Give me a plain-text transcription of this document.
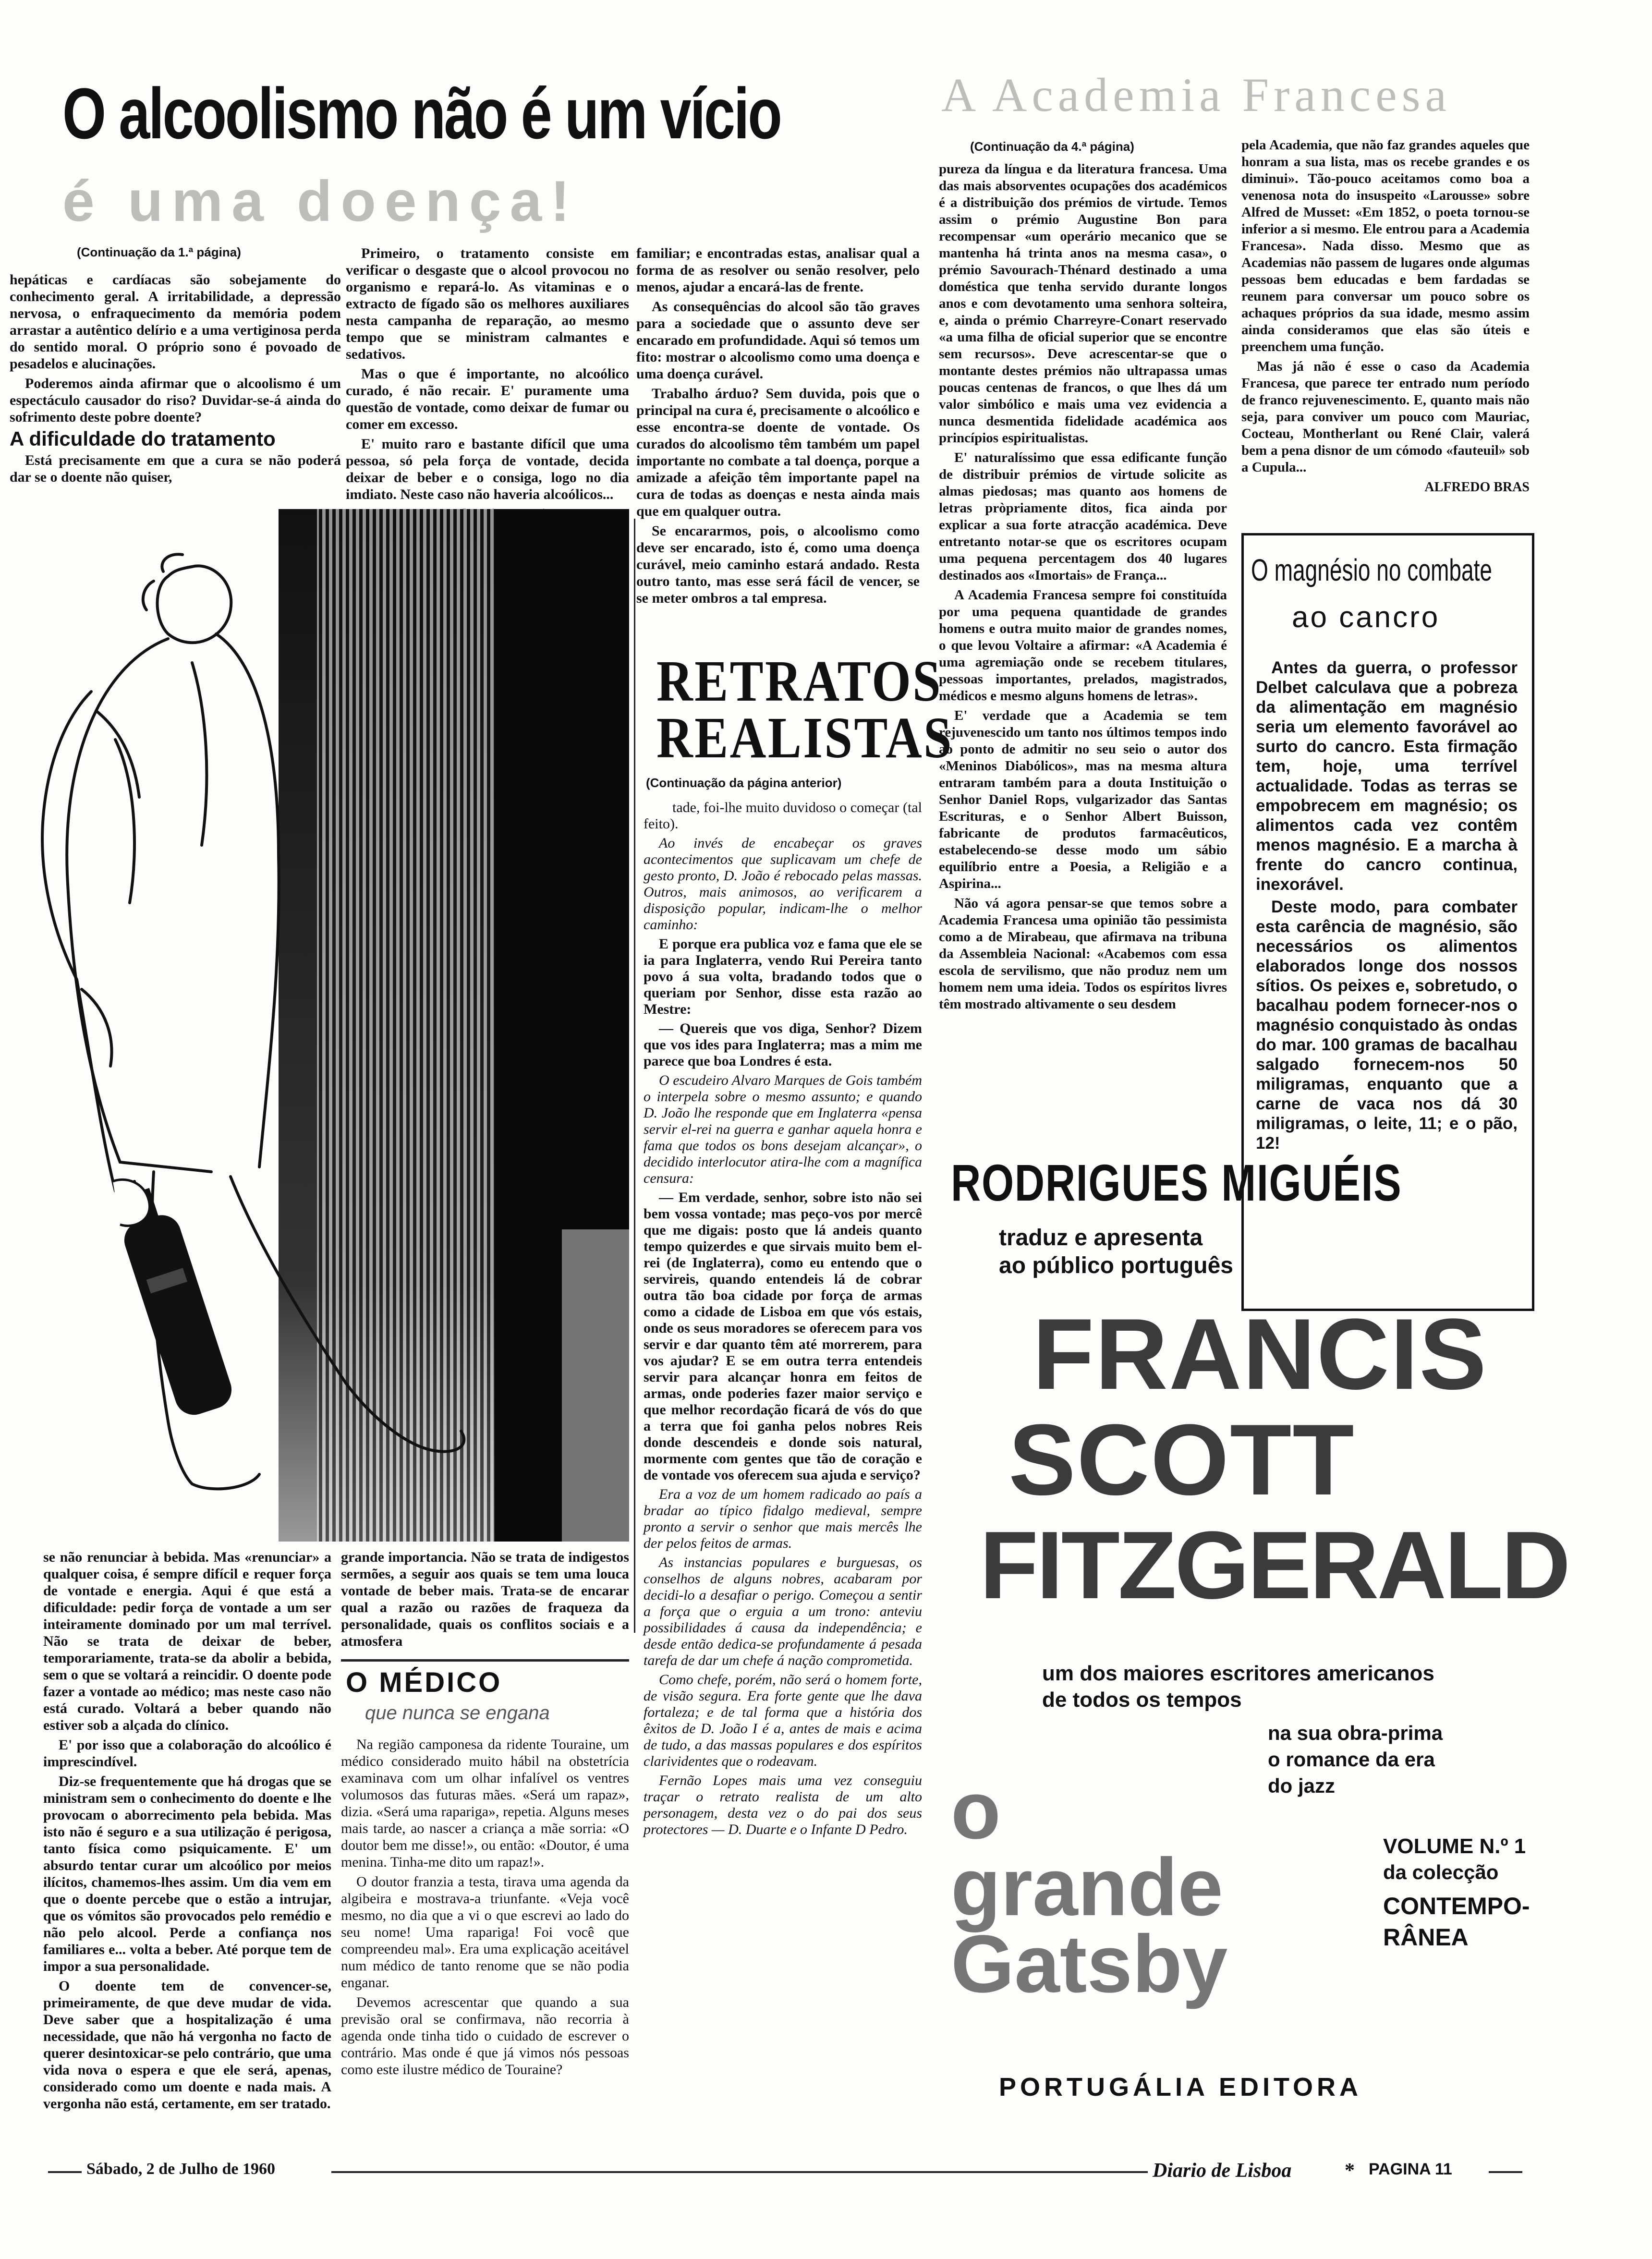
O alcoolismo não é um vício
é uma doença!
(Continuação da 1.ª página)

hepáticas e cardíacas são sobejamente do conhecimento geral. A irritabilidade, a depressão nervosa, o enfraquecimento da memória podem arrastar a autêntico delírio e a uma vertiginosa perda do sentido moral. O próprio sono é povoado de pesadelos e alucinações.

Poderemos ainda afirmar que o alcoolismo é um espectáculo causador do riso? Duvidar-se-á ainda do sofrimento deste pobre doente?

A dificuldade do tratamento

Está precisamente em que a cura se não poderá dar se o doente não quiser,

Primeiro, o tratamento consiste em verificar o desgaste que o alcool provocou no organismo e repará-lo. As vitaminas e o extracto de fígado são os melhores auxiliares nesta campanha de reparação, ao mesmo tempo que se ministram calmantes e sedativos.

Mas o que é importante, no alcoólico curado, é não recair. E' puramente uma questão de vontade, como deixar de fumar ou comer em excesso.

E' muito raro e bastante difícil que uma pessoa, só pela força de vontade, decida deixar de beber e o consiga, logo no dia imdiato. Neste caso não haveria alcoólicos...

familiar; e encontradas estas, analisar qual a forma de as resolver ou senão resolver, pelo menos, ajudar a encará-las de frente.

As consequências do alcool são tão graves para a sociedade que o assunto deve ser encarado em profundidade. Aqui só temos um fito: mostrar o alcoolismo como uma doença e uma doença curável.

Trabalho árduo? Sem duvida, pois que o principal na cura é, precisamente o alcoólico e esse encontra-se doente de vontade. Os curados do alcoolismo têm também um papel importante no combate a tal doença, porque a amizade a afeição têm importante papel na cura de todas as doenças e nesta ainda mais que em qualquer outra.

Se encararmos, pois, o alcoolismo como deve ser encarado, isto é, como uma doença curável, meio caminho estará andado. Resta outro tanto, mas esse será fácil de vencer, se se meter ombros a tal empresa.

se não renunciar à bebida. Mas «renunciar» a qualquer coisa, é sempre difícil e requer força de vontade e energia. Aqui é que está a dificuldade: pedir força de vontade a um ser inteiramente dominado por um mal terrível. Não se trata de deixar de beber, temporariamente, trata-se da abolir a bebida, sem o que se voltará a reincidir. O doente pode fazer a vontade ao médico; mas neste caso não está curado. Voltará a beber quando não estiver sob a alçada do clínico.

E' por isso que a colaboração do alcoólico é imprescindível.

Diz-se frequentemente que há drogas que se ministram sem o conhecimento do doente e lhe provocam o aborrecimento pela bebida. Mas isto não é seguro e a sua utilização é perigosa, tanto física como psiquicamente. E' um absurdo tentar curar um alcoólico por meios ilícitos, chamemos-lhes assim. Um dia vem em que o doente percebe que o estão a intrujar, que os vómitos são provocados pelo remédio e não pelo alcool. Perde a confiança nos familiares e... volta a beber. Até porque tem de impor a sua personalidade.

O doente tem de convencer-se, primeiramente, de que deve mudar de vida. Deve saber que a hospitalização é uma necessidade, que não há vergonha no facto de querer desintoxicar-se pelo contrário, que uma vida nova o espera e que ele será, apenas, considerado como um doente e nada mais. A vergonha não está, certamente, em ser tratado.

grande importancia. Não se trata de indigestos sermões, a seguir aos quais se tem uma louca vontade de beber mais. Trata-se de encarar qual a razão ou razões de fraqueza da personalidade, quais os conflitos sociais e a atmosfera

O MÉDICO
que nunca se engana

Na região camponesa da ridente Touraine, um médico considerado muito hábil na obstetrícia examinava com um olhar infalível os ventres volumosos das futuras mães. «Será um rapaz», dizia. «Será uma rapariga», repetia. Alguns meses mais tarde, ao nascer a criança a mãe sorria: «O doutor bem me disse!», ou então: «Doutor, é uma menina. Tinha-me dito um rapaz!».

O doutor franzia a testa, tirava uma agenda da algibeira e mostrava-a triunfante. «Veja você mesmo, no dia que a vi o que escrevi ao lado do seu nome! Uma rapariga! Foi você que compreendeu mal». Era uma explicação aceitável num médico de tanto renome que se não podia enganar.

Devemos acrescentar que quando a sua previsão oral se confirmava, não recorria à agenda onde tinha tido o cuidado de escrever o contrário. Mas onde é que já vimos nós pessoas como este ilustre médico de Touraine?

A Academia Francesa
(Continuação da 4.ª página)

pureza da língua e da literatura francesa. Uma das mais absorventes ocupações dos académicos é a distribuição dos prémios de virtude. Temos assim o prémio Augustine Bon para recompensar «um operário mecanico que se mantenha há trinta anos na mesma casa», o prémio Savourach-Thénard destinado a uma doméstica que tenha servido durante longos anos e com devotamento uma senhora solteira, e, ainda o prémio Charreyre-Conart reservado «a uma filha de oficial superior que se encontre sem recursos». Deve acrescentar-se que o montante destes prémios não ultrapassa umas poucas centenas de francos, o que lhes dá um valor simbólico e mais uma vez evidencia a nunca desmentida fidelidade académica aos princípios espiritualistas.

E' naturalíssimo que essa edificante função de distribuir prémios de virtude solicite as almas piedosas; mas quanto aos homens de letras pròpriamente ditos, fica ainda por explicar a sua forte atracção académica. Deve entretanto notar-se que os escritores ocupam uma pequena percentagem dos 40 lugares destinados aos «Imortais» de França...

A Academia Francesa sempre foi constituída por uma pequena quantidade de grandes homens e outra muito maior de grandes nomes, o que levou Voltaire a afirmar: «A Academia é uma agremiação onde se recebem titulares, pessoas importantes, prelados, magistrados, médicos e mesmo alguns homens de letras».

E' verdade que a Academia se tem rejuvenescido um tanto nos últimos tempos indo ao ponto de admitir no seu seio o autor dos «Meninos Diabólicos», mas na mesma altura entraram também para a douta Instituição o Senhor Daniel Rops, vulgarizador das Santas Escrituras, e o Senhor Albert Buisson, fabricante de produtos farmacêuticos, estabelecendo-se desse modo um sábio equilíbrio entre a Poesia, a Religião e a Aspirina...

Não vá agora pensar-se que temos sobre a Academia Francesa uma opinião tão pessimista como a de Mirabeau, que afirmava na tribuna da Assembleia Nacional: «Acabemos com essa escola de servilismo, que não produz nem um homem nem uma ideia. Todos os espíritos livres têm mostrado altivamente o seu desdem

pela Academia, que não faz grandes aqueles que honram a sua lista, mas os recebe grandes e os diminui». Tão-pouco aceitamos como boa a venenosa nota do insuspeito «Larousse» sobre Alfred de Musset: «Em 1852, o poeta tornou-se inferior a si mesmo. Ele entrou para a Academia Francesa». Nada disso. Mesmo que as Academias não passem de lugares onde algumas pessoas bem educadas e bem fardadas se reunem para conversar um pouco sobre os achaques próprios da sua idade, mesmo assim ainda consideramos que elas são úteis e preenchem uma função.

Mas já não é esse o caso da Academia Francesa, que parece ter entrado num período de franco rejuvenescimento. E, quanto mais não seja, para conviver um pouco com Mauriac, Cocteau, Montherlant ou René Clair, valerá bem a pena disnor de um cómodo «fauteuil» sob a Cupula...

ALFREDO BRAS
O magnésio no combate
ao cancro

Antes da guerra, o professor Delbet calculava que a pobreza da alimentação em magnésio seria um elemento favorável ao surto do cancro. Esta firmação tem, hoje, uma terrível actualidade. Todas as terras se empobrecem em magnésio; os alimentos cada vez contêm menos magnésio. E a marcha à frente do cancro continua, inexorável.

Deste modo, para combater esta carência de magnésio, são necessários os alimentos elaborados longe dos nossos sítios. Os peixes e, sobretudo, o bacalhau podem fornecer-nos o magnésio conquistado às ondas do mar. 100 gramas de bacalhau salgado fornecem-nos 50 miligramas, enquanto que a carne de vaca nos dá 30 miligramas, o leite, 11; e o pão, 12!

RETRATOS
REALISTAS
(Continuação da página anterior)

tade, foi-lhe muito duvidoso o começar (tal feito).

Ao invés de encabeçar os graves acontecimentos que suplicavam um chefe de gesto pronto, D. João é rebocado pelas massas. Outros, mais animosos, ao verificarem a disposição popular, indicam-lhe o melhor caminho:

E porque era publica voz e fama que ele se ia para Inglaterra, vendo Rui Pereira tanto povo á sua volta, bradando todos que o queriam por Senhor, disse esta razão ao Mestre:

— Quereis que vos diga, Senhor? Dizem que vos ides para Inglaterra; mas a mim me parece que boa Londres é esta.

O escudeiro Alvaro Marques de Gois também o interpela sobre o mesmo assunto; e quando D. João lhe responde que em Inglaterra «pensa servir el-rei na guerra e ganhar aquela honra e fama que todos os bons desejam alcançar», o decidido interlocutor atira-lhe com a magnífica censura:

— Em verdade, senhor, sobre isto não sei bem vossa vontade; mas peço-vos por mercê que me digais: posto que lá andeis quanto tempo quizerdes e que sirvais muito bem el-rei (de Inglaterra), como eu entendo que o servireis, quando entendeis lá de cobrar outra tão boa cidade por força de armas como a cidade de Lisboa em que vós estais, onde os seus moradores se oferecem para vos servir e dar quanto têm até morrerem, para vos ajudar? E se em outra terra entendeis servir para alcançar honra em feitos de armas, onde poderies fazer maior serviço e que melhor recordação ficará de vós do que a terra que foi ganha pelos nobres Reis donde descendeis e donde sois natural, mormente com gentes que tão de coração e de vontade vos oferecem sua ajuda e serviço?

Era a voz de um homem radicado ao país a bradar ao típico fidalgo medieval, sempre pronto a servir o senhor que mais mercês lhe der pelos feitos de armas.

As instancias populares e burguesas, os conselhos de alguns nobres, acabaram por decidi-lo a desafiar o perigo. Começou a sentir a força que o erguia a um trono: anteviu possibilidades á causa da independência; e desde então dedica-se profundamente á pesada tarefa de dar um chefe á nação comprometida.

Como chefe, porém, não será o homem forte, de visão segura. Era forte gente que lhe dava fortaleza; e de tal forma que a história dos êxitos de D. João I é a, antes de mais e acima de tudo, a das massas populares e dos espíritos clarividentes que o rodeavam.

Fernão Lopes mais uma vez conseguiu traçar o retrato realista de um alto personagem, desta vez o do pai dos seus protectores — D. Duarte e o Infante D Pedro.

RODRIGUES MIGUÉIS
traduz e apresenta
ao público português
FRANCIS
SCOTT
FITZGERALD
um dos maiores escritores americanos
de todos os tempos
na sua obra-prima
o romance da era
do jazz
o
grande
Gatsby
VOLUME N.º 1
da colecção
CONTEMPO-
RÂNEA
PORTUGÁLIA EDITORA
Sábado, 2 de Julho de 1960	Diario de Lisboa	* PAGINA 11
